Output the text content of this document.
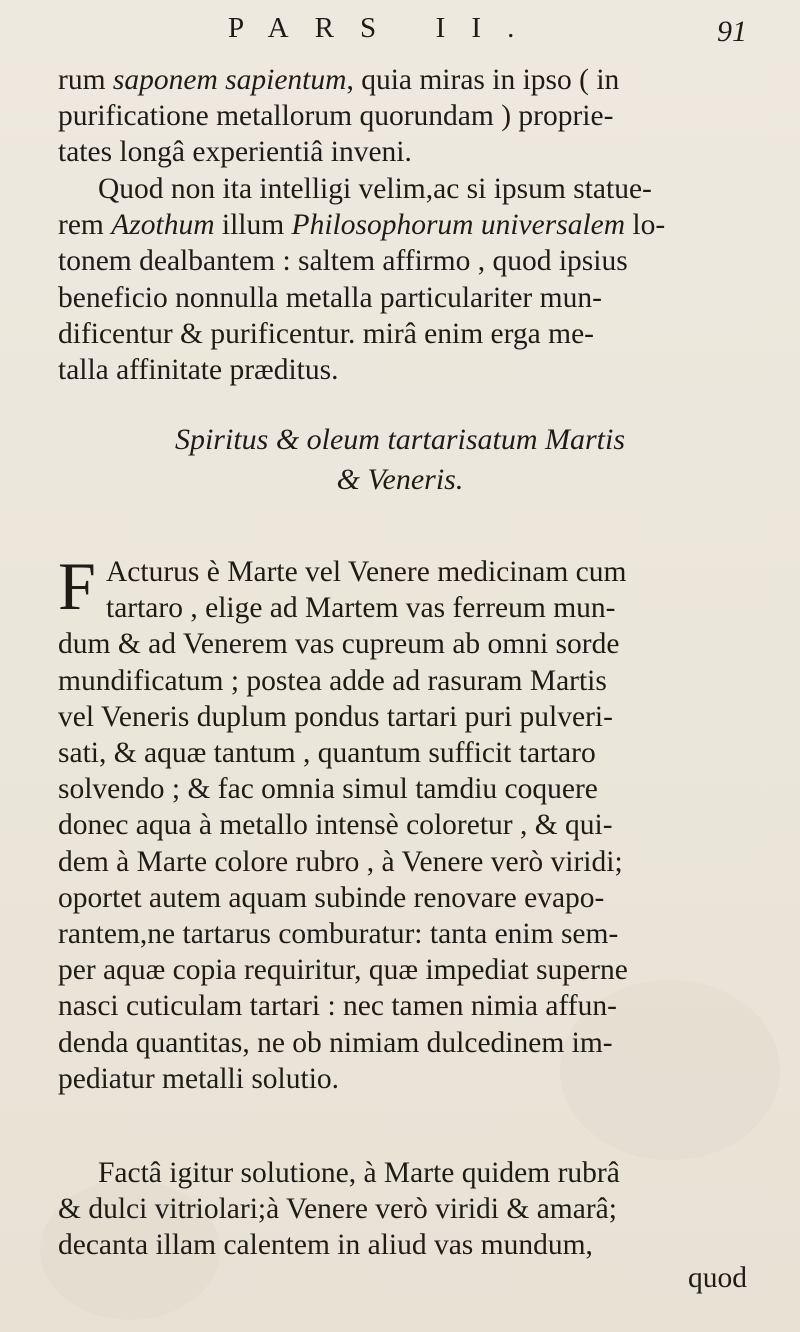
PARS II.	91
rum saponem sapientum, quia miras in ipso ( in
purificatione metallorum quorundam ) proprie-
tates longâ experientiâ inveni.
Quod non ita intelligi velim,ac si ipsum statue-
rem Azothum illum Philosophorum universalem lo-
tonem dealbantem : saltem affirmo , quod ipsius
beneficio nonnulla metalla particulariter mun-
dificentur & purificentur. mirâ enim erga me-
talla affinitate præditus.
Spiritus & oleum tartarisatum Martis
& Veneris.
F Acturus è Marte vel Venere medicinam cum
tartaro , elige ad Martem vas ferreum mun-
dum & ad Venerem vas cupreum ab omni sorde
mundificatum ; postea adde ad rasuram Martis
vel Veneris duplum pondus tartari puri pulveri-
sati, & aquæ tantum , quantum sufficit tartaro
solvendo ; & fac omnia simul tamdiu coquere
donec aqua à metallo intensè coloretur , & qui-
dem à Marte colore rubro , à Venere verò viridi;
oportet autem aquam subinde renovare evapo-
rantem,ne tartarus comburatur: tanta enim sem-
per aquæ copia requiritur, quæ impediat superne
nasci cuticulam tartari : nec tamen nimia affun-
denda quantitas, ne ob nimiam dulcedinem im-
pediatur metalli solutio.
Factâ igitur solutione, à Marte quidem rubrâ
& dulci vitriolari;à Venere verò viridi & amarâ;
decanta illam calentem in aliud vas mundum,
quod
